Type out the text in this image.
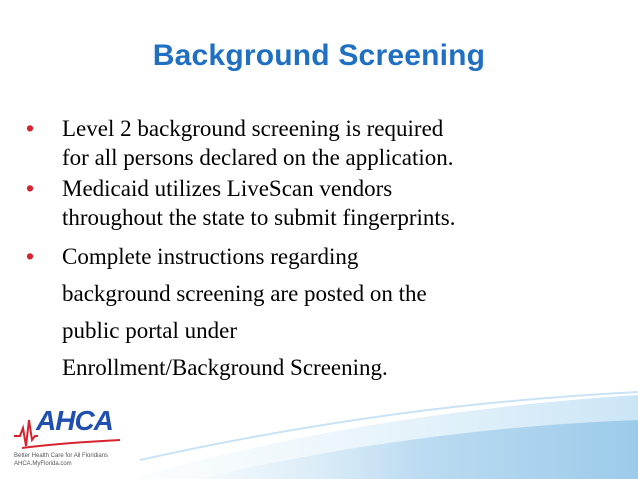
Background Screening
• Level 2 background screening is required
for all persons declared on the application.
• Medicaid utilizes LiveScan vendors
throughout the state to submit fingerprints.
• Complete instructions regarding
background screening are posted on the
public portal under
Enrollment/Background Screening.
AHCA
Better Health Care for All Floridians
AHCA.MyFlorida.com
